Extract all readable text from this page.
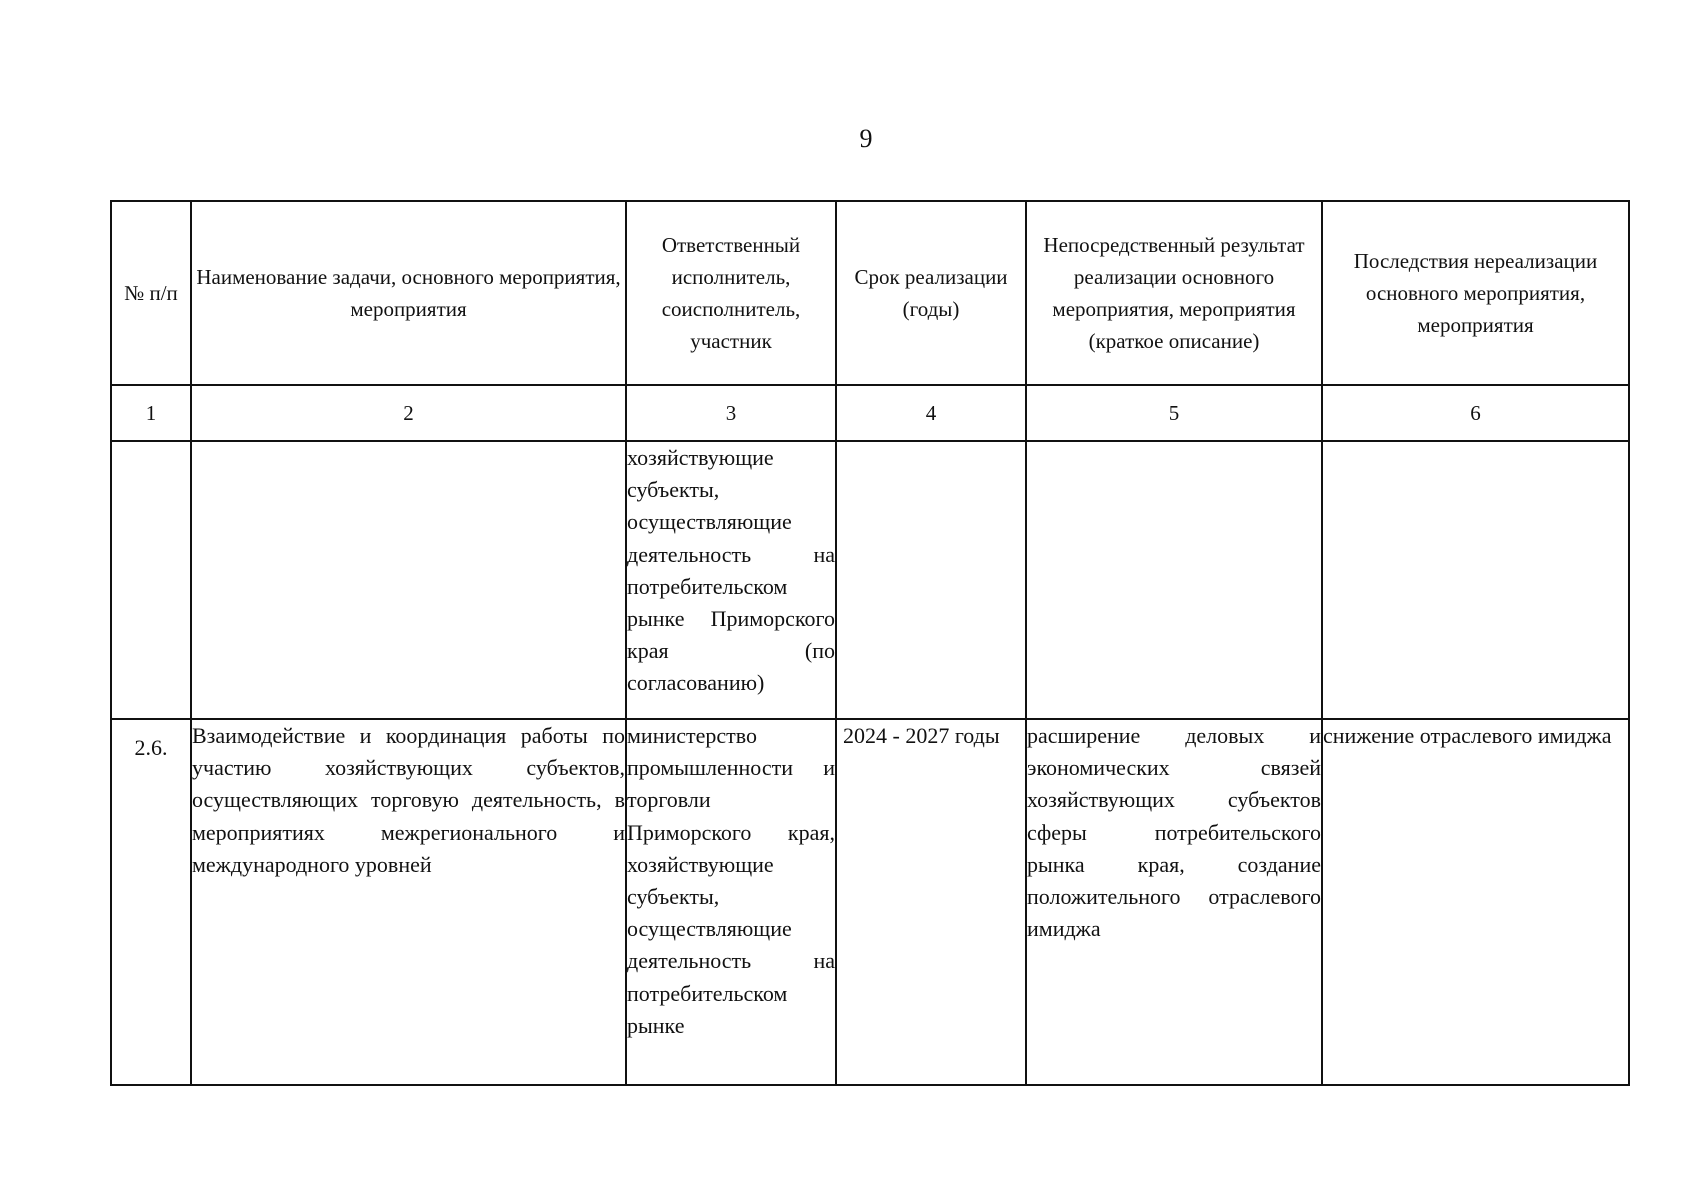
9
№ п/п	Наименование задачи, основного мероприятия, мероприятия	Ответственный исполнитель, соисполнитель, участник	Срок реализации (годы)	Непосредственный результат реализации основного мероприятия, мероприятия (краткое описание)	Последствия нереализации основного мероприятия, мероприятия
1	2	3	4	5	6
		хозяйствующие субъекты, осуществляющие деятельность на потребительском рынке Приморского края (по согласованию)			
2.6.	Взаимодействие и координация работы по участию хозяйствующих субъектов, осуществляющих торговую деятельность, в мероприятиях межрегионального и международного уровней	министерство промышленности и торговли Приморского края, хозяйствующие субъекты, осуществляющие деятельность на потребительском рынке	2024 - 2027 годы	расширение деловых и экономических связей хозяйствующих субъектов сферы потребительского рынка края, создание положительного отраслевого имиджа	снижение отраслевого имиджа
